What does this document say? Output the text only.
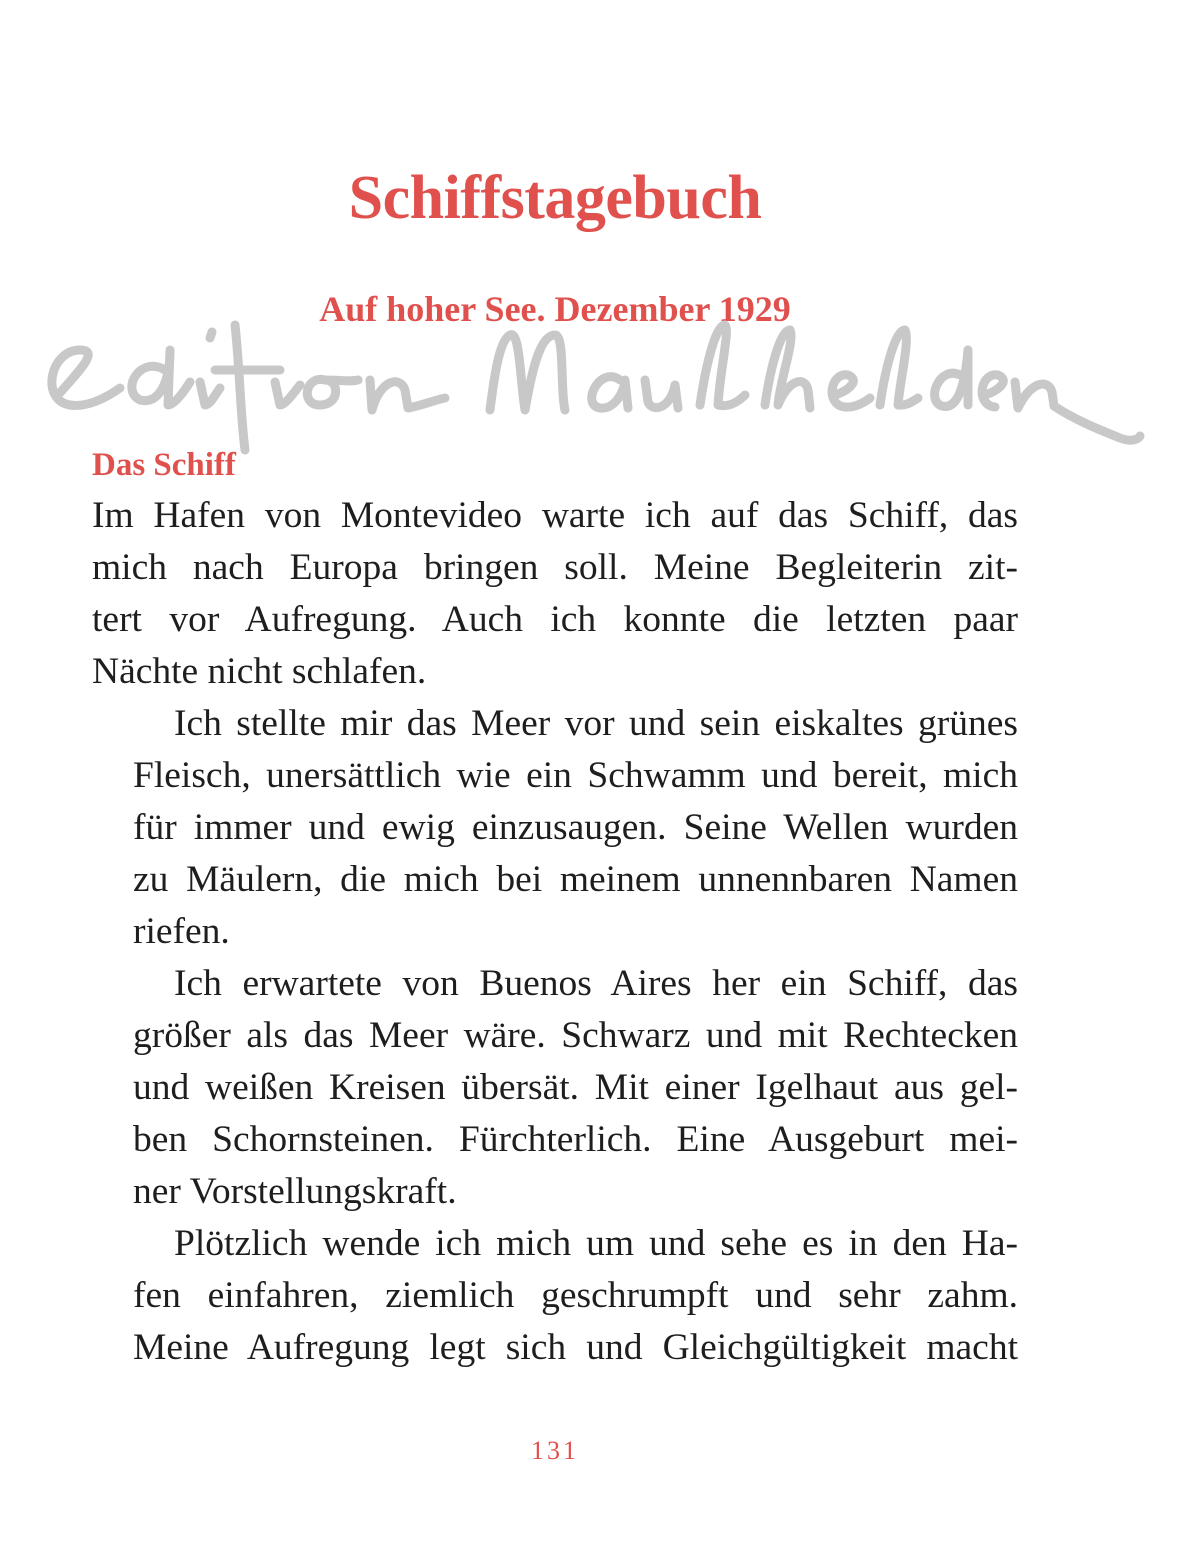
Schiffstagebuch
Auf hoher See. Dezember 1929
Das Schiff

Im Hafen von Montevideo warte ich auf das Schiff, das
mich nach Europa bringen soll. Meine Begleiterin zit-
tert vor Aufregung. Auch ich konnte die letzten paar
Nächte nicht schlafen.

Ich stellte mir das Meer vor und sein eiskaltes grünes
Fleisch, unersättlich wie ein Schwamm und bereit, mich
für immer und ewig einzusaugen. Seine Wellen wurden
zu Mäulern, die mich bei meinem unnennbaren Namen
riefen.

Ich erwartete von Buenos Aires her ein Schiff, das
größer als das Meer wäre. Schwarz und mit Rechtecken
und weißen Kreisen übersät. Mit einer Igelhaut aus gel-
ben Schornsteinen. Fürchterlich. Eine Ausgeburt mei-
ner Vorstellungskraft.

Plötzlich wende ich mich um und sehe es in den Ha-
fen einfahren, ziemlich geschrumpft und sehr zahm.
Meine Aufregung legt sich und Gleichgültigkeit macht

131
